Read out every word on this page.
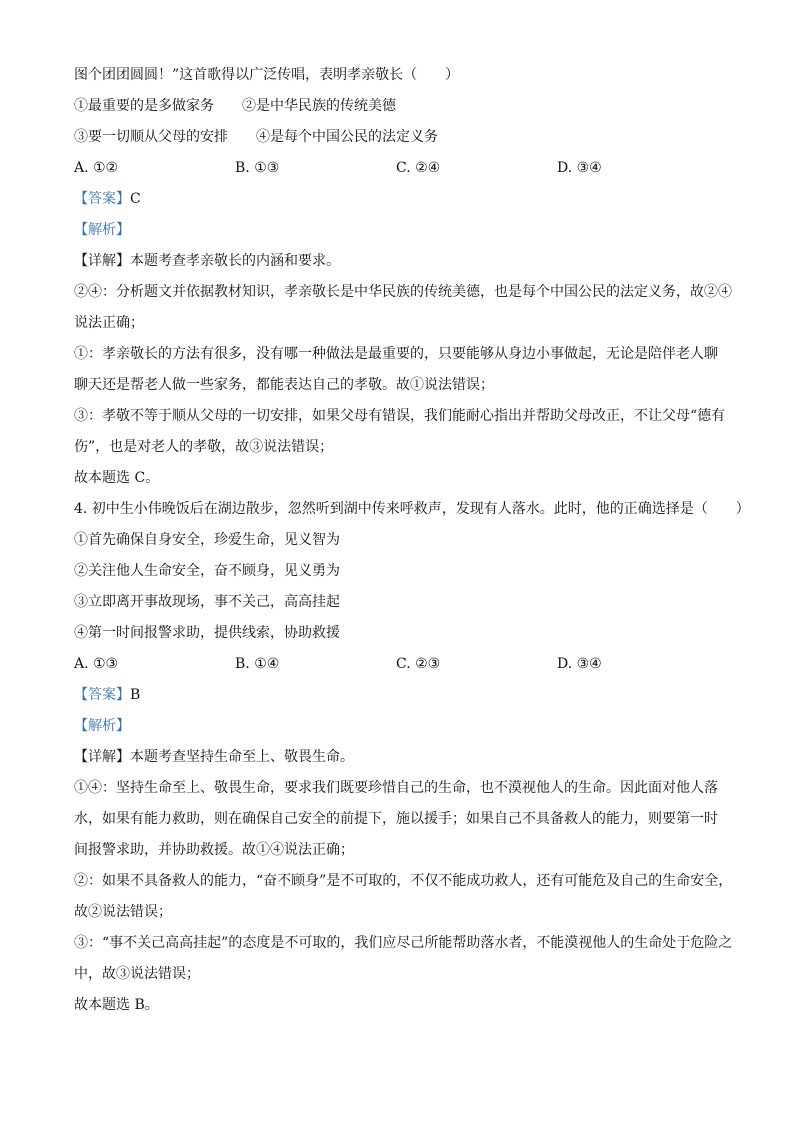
图个团团圆圆！”这首歌得以广泛传唱，表明孝亲敬长（　　）
①最重要的是多做家务　　②是中华民族的传统美德
③要一切顺从父母的安排　　④是每个中国公民的法定义务
A. ①②	B. ①③	C. ②④	D. ③④
【答案】C
【解析】
【详解】本题考查孝亲敬长的内涵和要求。
②④：分析题文并依据教材知识，孝亲敬长是中华民族的传统美德，也是每个中国公民的法定义务，故②④
说法正确；
①：孝亲敬长的方法有很多，没有哪一种做法是最重要的，只要能够从身边小事做起，无论是陪伴老人聊
聊天还是帮老人做一些家务，都能表达自己的孝敬。故①说法错误；
③：孝敬不等于顺从父母的一切安排，如果父母有错误，我们能耐心指出并帮助父母改正，不让父母“德有
伤”，也是对老人的孝敬，故③说法错误；
故本题选 C。
4. 初中生小伟晚饭后在湖边散步，忽然听到湖中传来呼救声，发现有人落水。此时，他的正确选择是（　　）
①首先确保自身安全，珍爱生命，见义智为
②关注他人生命安全，奋不顾身，见义勇为
③立即离开事故现场，事不关己，高高挂起
④第一时间报警求助，提供线索，协助救援
A. ①③	B. ①④	C. ②③	D. ③④
【答案】B
【解析】
【详解】本题考查坚持生命至上、敬畏生命。
①④：坚持生命至上、敬畏生命，要求我们既要珍惜自己的生命，也不漠视他人的生命。因此面对他人落
水，如果有能力救助，则在确保自己安全的前提下，施以援手；如果自己不具备救人的能力，则要第一时
间报警求助，并协助救援。故①④说法正确；
②：如果不具备救人的能力，“奋不顾身”是不可取的，不仅不能成功救人，还有可能危及自己的生命安全，
故②说法错误；
③：“事不关己高高挂起”的态度是不可取的，我们应尽己所能帮助落水者，不能漠视他人的生命处于危险之
中，故③说法错误；
故本题选 B。
